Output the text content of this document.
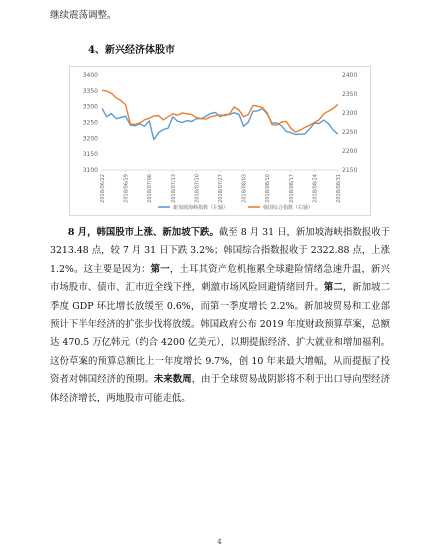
继续震荡调整。
4、新兴经济体股市
3100
3150
3200
3250
3300
3350
3400
2150
2200
2250
2300
2350
2400
2018/06/22	2018/06/29	2018/07/06	2018/07/13	2018/07/20	2018/07/27	2018/08/03	2018/08/10	2018/08/17	2018/08/24	2018/08/31
新加坡海峡指数（左轴）	韩国综合指数（右轴）
8 月，韩国股市上涨、新加坡下跌。截至 8 月 31 日，新加坡海峡指数报收于 3213.48 点，较 7 月 31 日下跌 3.2%；韩国综合指数报收于 2322.88 点，上涨 1.2%。这主要是因为：第一，土耳其资产危机拖累全球避险情绪急速升温，新兴市场股市、债市、汇市近全线下挫，刺激市场风险回避情绪回升。第二，新加坡二季度 GDP 环比增长放缓至 0.6%，而第一季度增长 2.2%。新加坡贸易和工业部预计下半年经济的扩张步伐将放缓。韩国政府公布 2019 年度财政预算草案，总额达 470.5 万亿韩元（约合 4200 亿美元），以期提振经济、扩大就业和增加福利。这份草案的预算总额比上一年度增长 9.7%，创 10 年来最大增幅，从而提振了投资者对韩国经济的预期。未来数周，由于全球贸易战阴影将不利于出口导向型经济体经济增长，两地股市可能走低。
4
